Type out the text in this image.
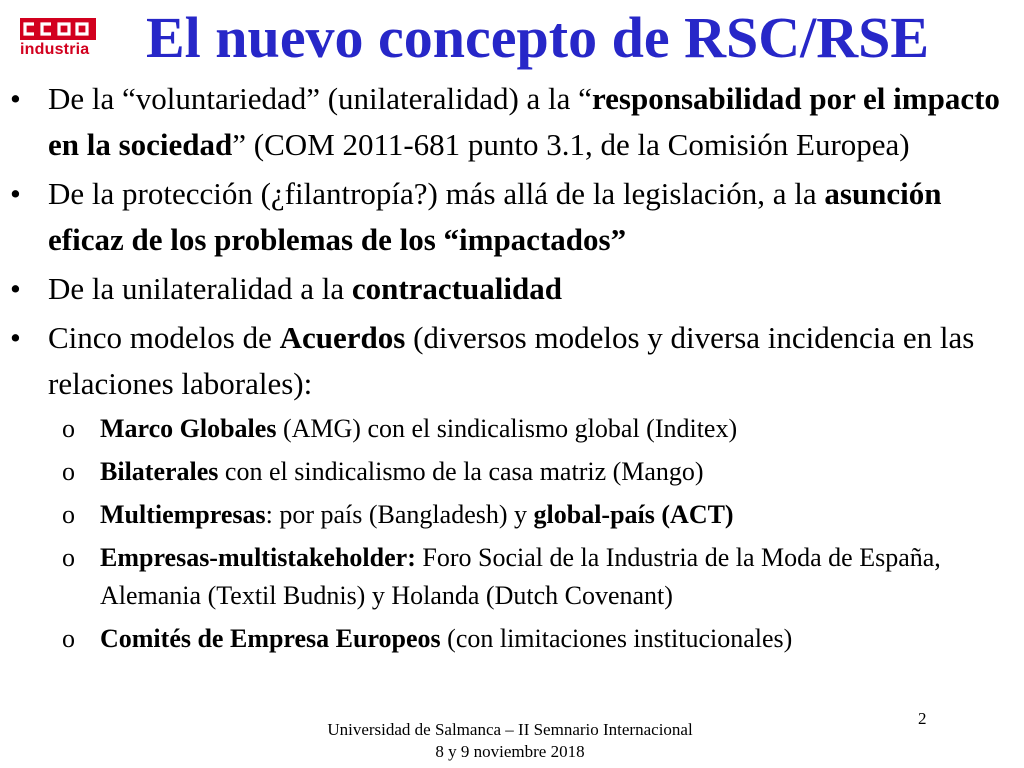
industria El nuevo concepto de RSC/RSE
• De la “voluntariedad” (unilateralidad) a la “responsabilidad por el impacto en la sociedad” (COM 2011-681 punto 3.1, de la Comisión Europea)
• De la protección (¿filantropía?) más allá de la legislación, a la asunción eficaz de los problemas de los “impactados”
• De la unilateralidad a la contractualidad
• Cinco modelos de Acuerdos (diversos modelos y diversa incidencia en las relaciones laborales):
o Marco Globales (AMG) con el sindicalismo global (Inditex)
o Bilaterales con el sindicalismo de la casa matriz (Mango)
o Multiempresas: por país (Bangladesh) y global-país (ACT)
o Empresas-multistakeholder: Foro Social de la Industria de la Moda de España, Alemania (Textil Budnis) y Holanda (Dutch Covenant)
o Comités de Empresa Europeos (con limitaciones institucionales)
2
Universidad de Salmanca – II Semnario Internacional
8 y 9 noviembre 2018
